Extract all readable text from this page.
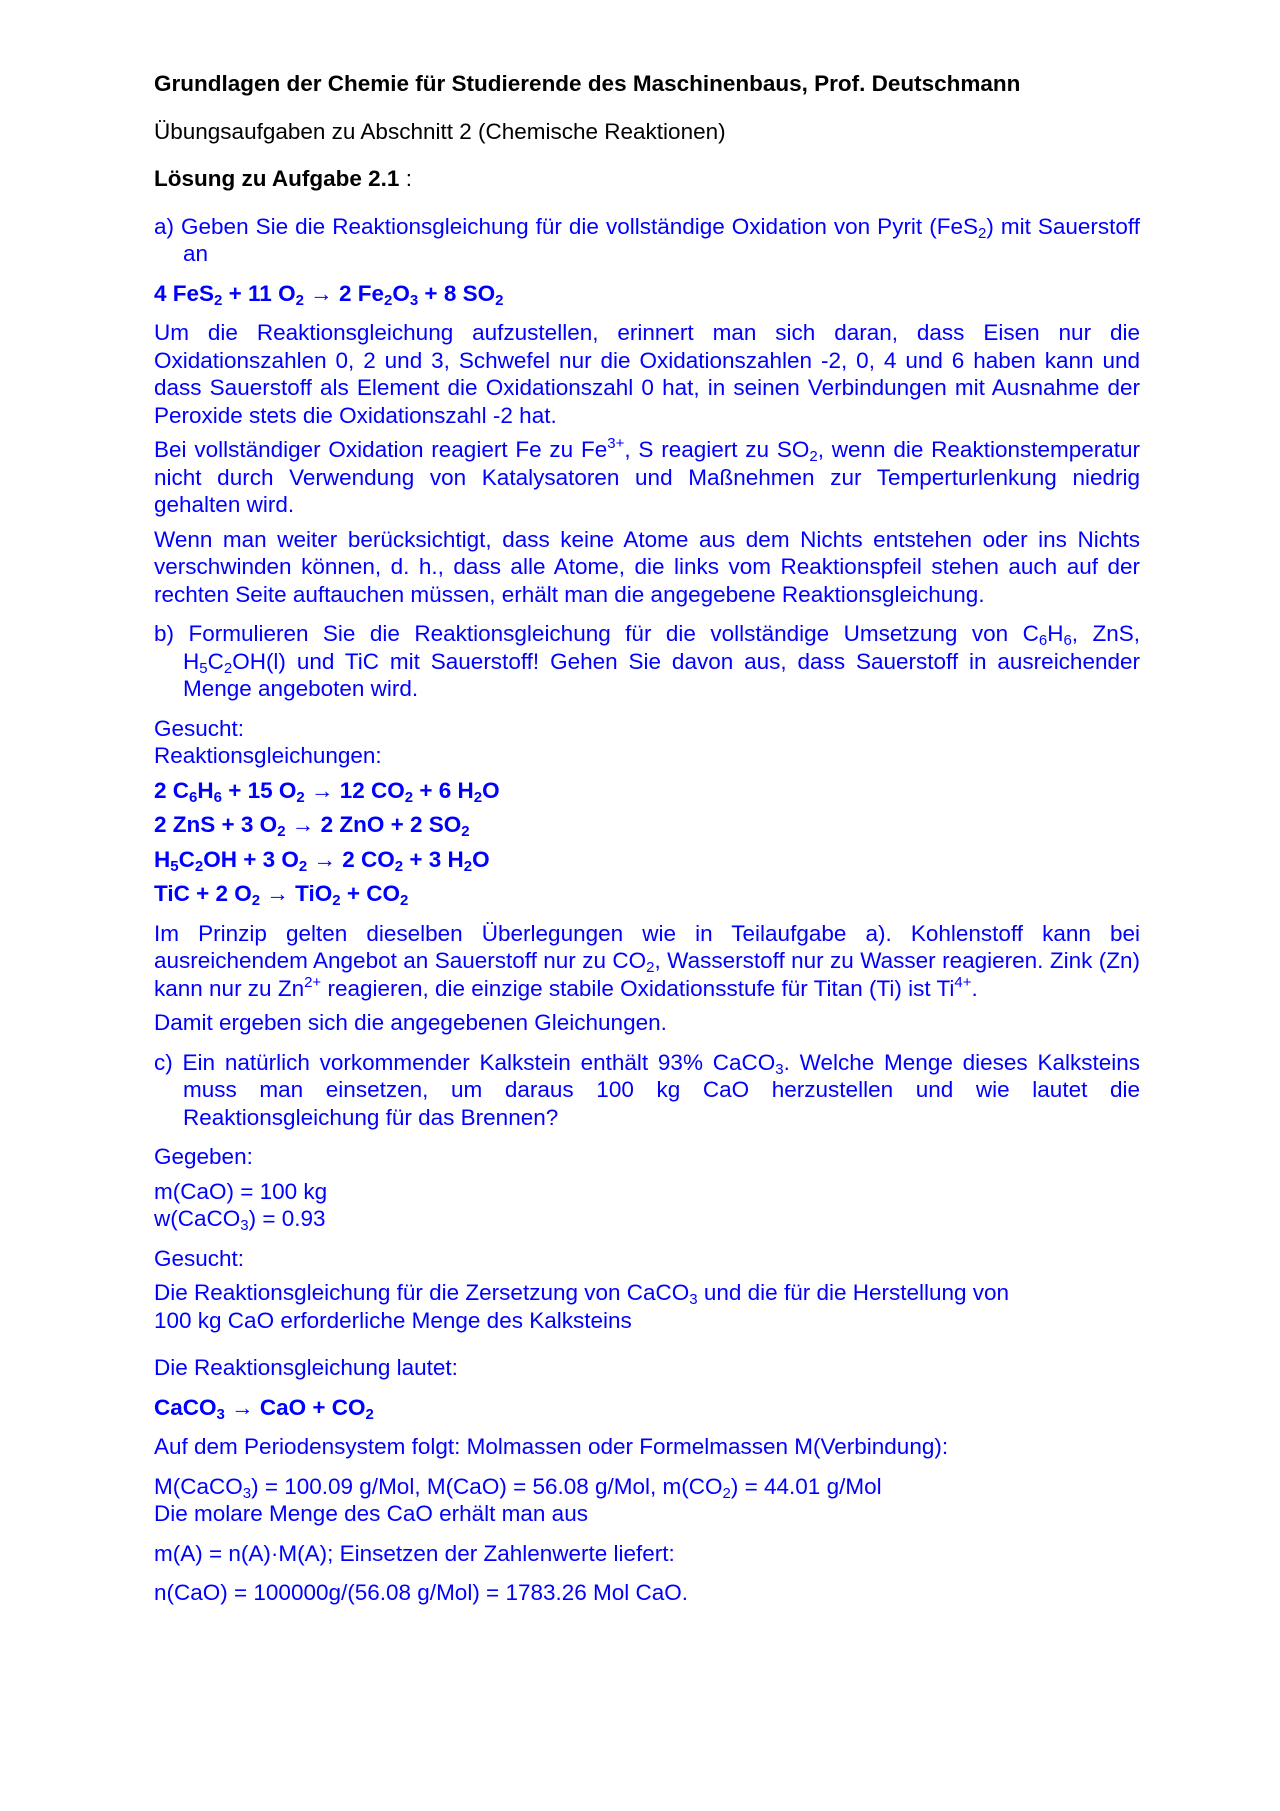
Grundlagen der Chemie für Studierende des Maschinenbaus, Prof. Deutschmann

Übungsaufgaben zu Abschnitt 2 (Chemische Reaktionen)

Lösung zu Aufgabe 2.1 :

a) Geben Sie die Reaktionsgleichung für die vollständige Oxidation von Pyrit (FeS$_2$) mit Sauerstoff an

4 FeS$_2$ + 11 $O_2 \to 2$ $Fe_2O_3 + 8$ $SO_2$

Um die Reaktionsgleichung aufzustellen, erinnert man sich daran, dass Eisen nur die Oxidationszahlen 0, 2 und 3, Schwefel nur die Oxidationszahlen -2, 0, 4 und 6 haben kann und dass Sauerstoff als Element die Oxidationszahl 0 hat, in seinen Verbindungen mit Ausnahme der Peroxide stets die Oxidationszahl -2 hat.

Bei vollständiger Oxidation reagiert Fe zu $Fe^{3+}$, S reagiert zu $SO_2$, wenn die Reaktionstemperatur nicht durch Verwendung von Katalysatoren und Maßnehmen zur Temperturlenkung niedrig gehalten wird.

Wenn man weiter berücksichtigt, dass keine Atome aus dem Nichts entstehen oder ins Nichts verschwinden können, d. h., dass alle Atome, die links vom Reaktionspfeil stehen auch auf der rechten Seite auftauchen müssen, erhält man die angegebene Reaktionsgleichung.

b) Formulieren Sie die Reaktionsgleichung für die vollständige Umsetzung von $C_6H_6$, ZnS, $H_5C_2OH(l)$ und TiC mit Sauerstoff! Gehen Sie davon aus, dass Sauerstoff in ausreichender Menge angeboten wird.

Gesucht:

Reaktionsgleichungen:

2 $C_6H_6 + 15$ $O_2 \to 12$ $CO_2 + 6$ $H_2O$

2 ZnS + 3 $O_2 \to 2$ ZnO + 2 $SO_2$

$H_5C_2OH + 3$ $O_2 \to 2$ $CO_2 + 3$ $H_2O$

TiC + 2 $O_2 \to TiO_2 + CO_2$

Im Prinzip gelten dieselben Überlegungen wie in Teilaufgabe a). Kohlenstoff kann bei ausreichendem Angebot an Sauerstoff nur zu $CO_2$, Wasserstoff nur zu Wasser reagieren. Zink (Zn) kann nur zu $Zn^{2+}$ reagieren, die einzige stabile Oxidationsstufe für Titan (Ti) ist $Ti^{4+}$.

Damit ergeben sich die angegebenen Gleichungen.

c) Ein natürlich vorkommender Kalkstein enthält 93% CaCO$_3$. Welche Menge dieses Kalksteins muss man einsetzen, um daraus 100 kg CaO herzustellen und wie lautet die Reaktionsgleichung für das Brennen?

Gegeben:

m(CaO) = 100 kg

w(CaCO$_3$) = 0.93

Gesucht:

Die Reaktionsgleichung für die Zersetzung von CaCO$_3$ und die für die Herstellung von
100 kg CaO erforderliche Menge des Kalksteins

Die Reaktionsgleichung lautet:

CaCO$_3$ → CaO + $CO_2$

Auf dem Periodensystem folgt: Molmassen oder Formelmassen M(Verbindung):

M(CaCO$_3$) = 100.09 g/Mol, M(CaO) = 56.08 g/Mol, $m(CO_2) = 44.01$ g/Mol

Die molare Menge des CaO erhält man aus

m(A) = n(A)·M(A); Einsetzen der Zahlenwerte liefert:

n(CaO) = 100000g/(56.08 g/Mol) = 1783.26 Mol CaO.
